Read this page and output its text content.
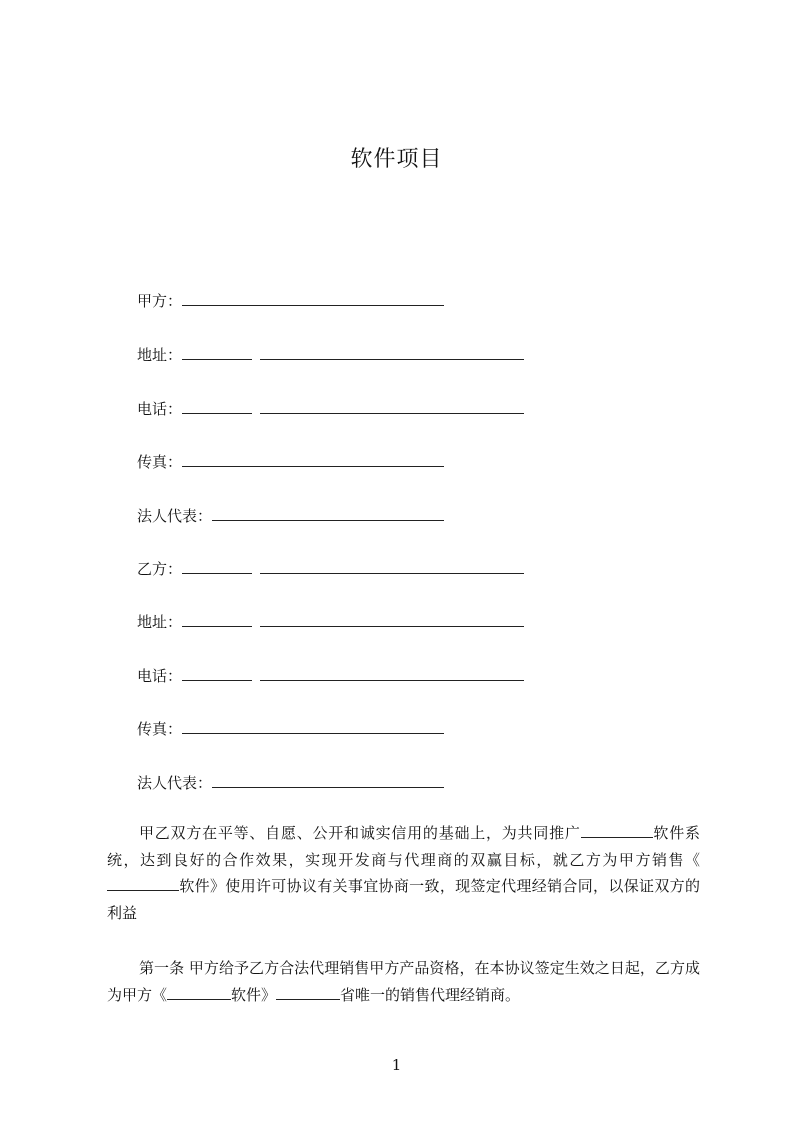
软件项目
甲方：
地址：
电话：
传真：
法人代表：
乙方：
地址：
电话：
传真：
法人代表：
甲乙双方在平等、自愿、公开和诚实信用的基础上，为共同推广	软件系统，达到良好的合作效果，实现开发商与代理商的双赢目标，就乙方为甲方销售《软件》使用许可协议有关事宜协商一致，现签定代理经销合同，以保证双方的利益
第一条 甲方给予乙方合法代理销售甲方产品资格，在本协议签定生效之日起，乙方成为甲方《	软件》	省唯一的销售代理经销商。
1
